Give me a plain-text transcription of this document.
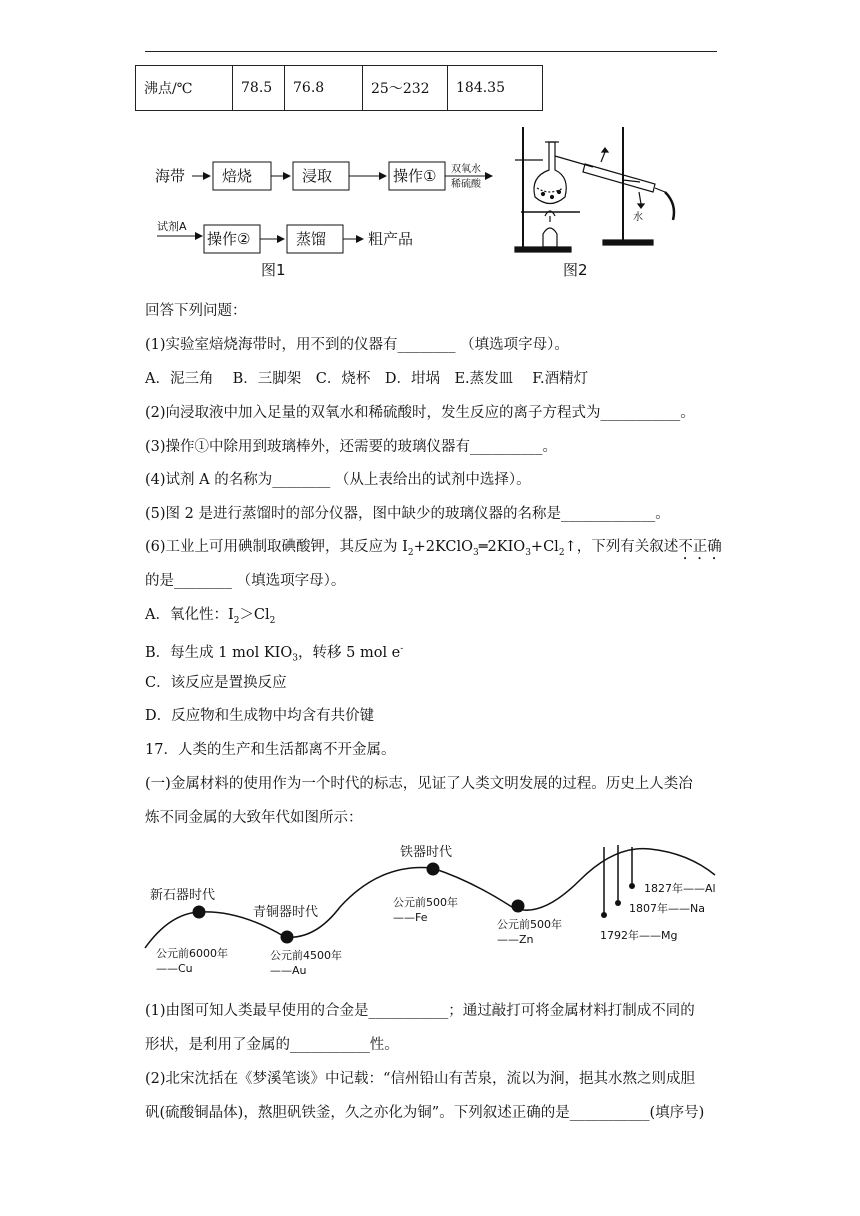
沸点/℃	78.5	76.8	25～232	184.35
海带 焙烧	浸取	操作① 双氧水
稀硫酸
试剂A
操作②	蒸馏	粗产品
图1
水
图2
回答下列问题：
(1)实验室焙烧海带时，用不到的仪器有________ （填选项字母）。
A．泥三角　 B．三脚架　C．烧杯　D．坩埚　E.蒸发皿　 F.酒精灯
(2)向浸取液中加入足量的双氧水和稀硫酸时，发生反应的离子方程式为___________。
(3)操作①中除用到玻璃棒外，还需要的玻璃仪器有__________。
(4)试剂 A 的名称为________ （从上表给出的试剂中选择）。
(5)图 2 是进行蒸馏时的部分仪器，图中缺少的玻璃仪器的名称是_____________。
(6)工业上可用碘制取碘酸钾，其反应为 $I_2+2KClO_3═2KIO_3+Cl_2↑$，下列有关叙述不正确
的是________ （填选项字母）。
A．氧化性：$I_2>Cl_2$
B．每生成 1 mol $KIO_3$，转移 5 mol e-
C．该反应是置换反应
D．反应物和生成物中均含有共价键
17．人类的生产和生活都离不开金属。
(一)金属材料的使用作为一个时代的标志，见证了人类文明发展的过程。历史上人类冶
炼不同金属的大致年代如图所示：
新石器时代
青铜器时代
铁器时代
公元前6000年
——Cu
公元前4500年
——Au
公元前500年
——Fe
公元前500年
——Zn
1827年——Al
1807年——Na
1792年——Mg
(1)由图可知人类最早使用的合金是___________；通过敲打可将金属材料打制成不同的
形状，是利用了金属的___________性。
(2)北宋沈括在《梦溪笔谈》中记载：“信州铅山有苦泉，流以为涧，挹其水熬之则成胆
矾(硫酸铜晶体)，熬胆矾铁釜，久之亦化为铜”。下列叙述正确的是___________(填序号)
